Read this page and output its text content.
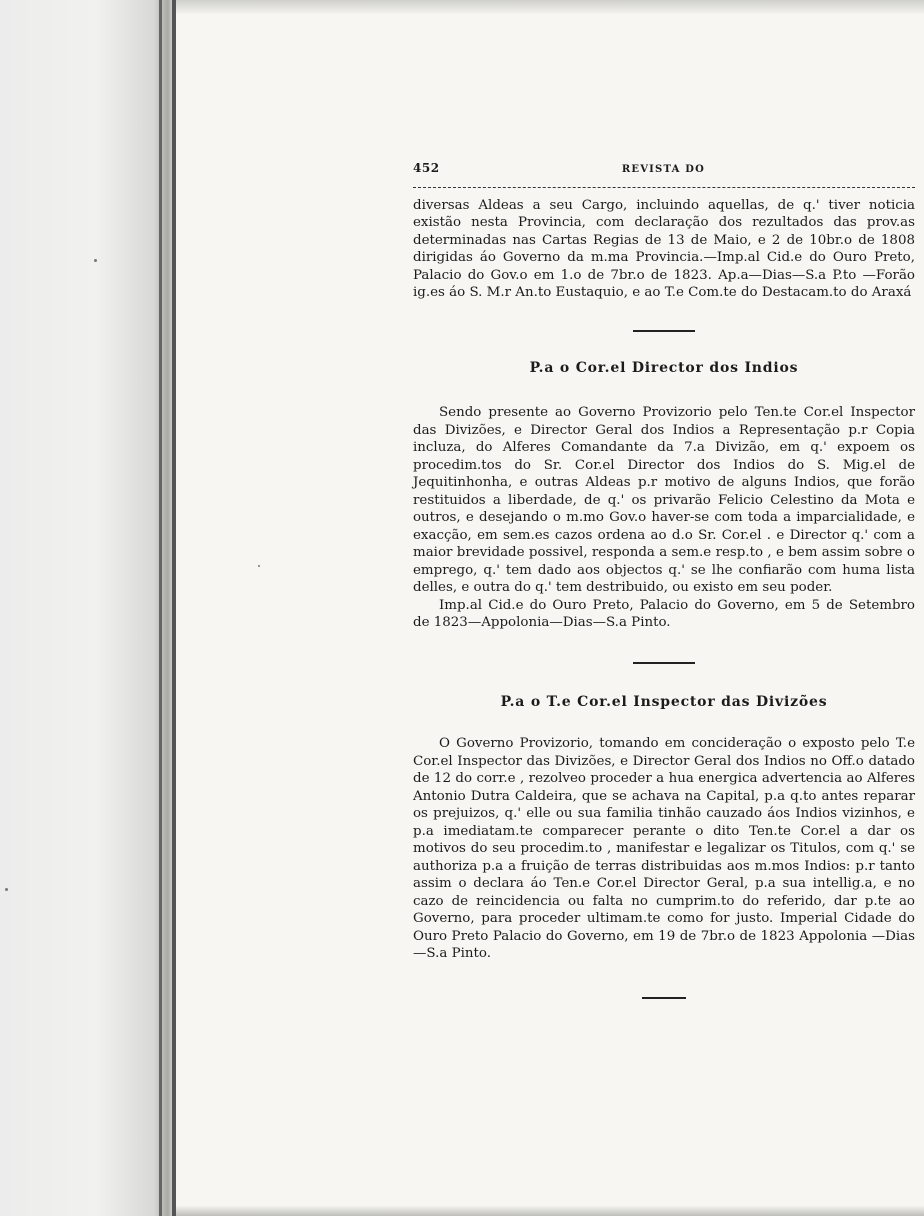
452	REVISTA DO

diversas Aldeas a seu Cargo, incluindo aquellas, de q.' tiver noticia existão nesta Provincia, com declaração dos rezultados das prov.as determinadas nas Cartas Regias de 13 de Maio, e 2 de 10br.o de 1808 dirigidas áo Governo da m.ma Provincia.—Imp.al Cid.e do Ouro Preto, Palacio do Gov.o em 1.o de 7br.o de 1823. Ap.a—Dias—S.a P.to —Forão ig.es áo S. M.r An.to Eustaquio, e ao T.e Com.te do Destacam.to do Araxá

P.a o Cor.el Director dos Indios

Sendo presente ao Governo Provizorio pelo Ten.te Cor.el Inspector das Divizões, e Director Geral dos Indios a Representação p.r Copia incluza, do Alferes Comandante da 7.a Divizão, em q.' expoem os procedim.tos do Sr. Cor.el Director dos Indios do S. Mig.el de Jequitinhonha, e outras Aldeas p.r motivo de alguns Indios, que forão restituidos a liberdade, de q.' os privarão Felicio Celestino da Mota e outros, e desejando o m.mo Gov.o haver-se com toda a imparcialidade, e exacção, em sem.es cazos ordena ao d.o Sr. Cor.el . e Director q.' com a maior brevidade possivel, responda a sem.e resp.to , e bem assim sobre o emprego, q.' tem dado aos objectos q.' se lhe confiarão com huma lista delles, e outra do q.' tem destribuido, ou existo em seu poder.

Imp.al Cid.e do Ouro Preto, Palacio do Governo, em 5 de Setembro de 1823—Appolonia—Dias—S.a Pinto.

P.a o T.e Cor.el Inspector das Divizões

O Governo Provizorio, tomando em concideração o exposto pelo T.e Cor.el Inspector das Divizões, e Director Geral dos Indios no Off.o datado de 12 do corr.e , rezolveo proceder a hua energica advertencia ao Alferes Antonio Dutra Caldeira, que se achava na Capital, p.a q.to antes reparar os prejuizos, q.' elle ou sua familia tinhão cauzado áos Indios vizinhos, e p.a imediatam.te comparecer perante o dito Ten.te Cor.el a dar os motivos do seu procedim.to , manifestar e legalizar os Titulos, com q.' se authoriza p.a a fruição de terras distribuidas aos m.mos Indios: p.r tanto assim o declara áo Ten.e Cor.el Director Geral, p.a sua intellig.a, e no cazo de reincidencia ou falta no cumprim.to do referido, dar p.te ao Governo, para proceder ultimam.te como for justo. Imperial Cidade do Ouro Preto Palacio do Governo, em 19 de 7br.o de 1823 Appolonia —Dias—S.a Pinto.
